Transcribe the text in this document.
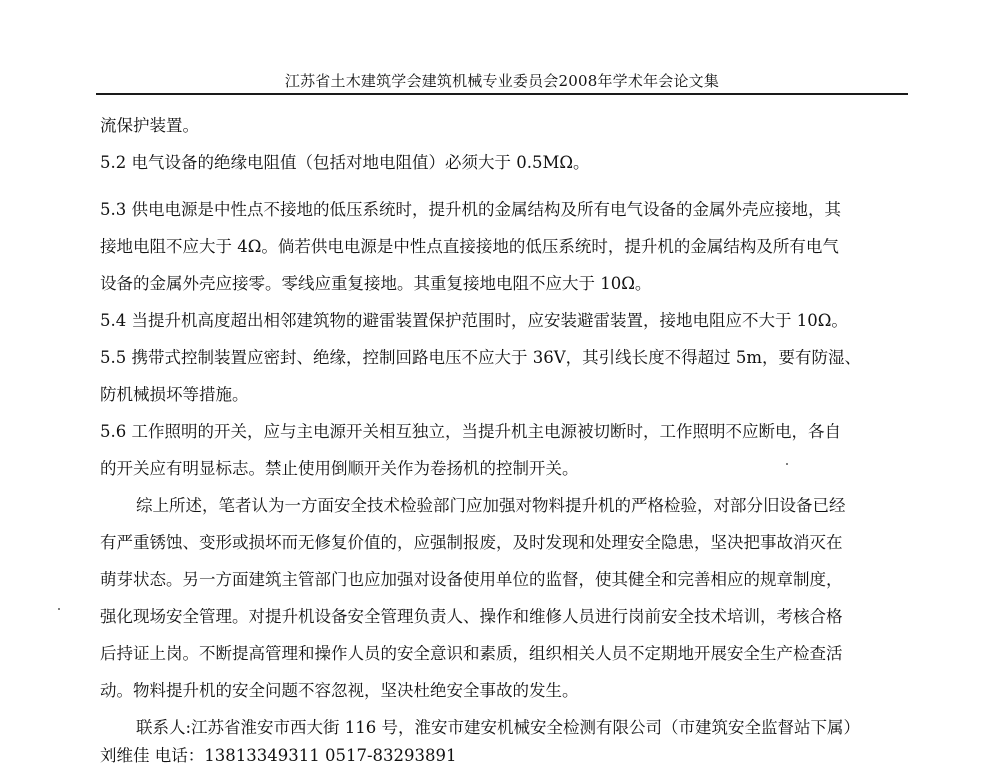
江苏省土木建筑学会建筑机械专业委员会2008年学术年会论文集
流保护装置。
5.2 电气设备的绝缘电阻值（包括对地电阻值）必须大于 0.5MΩ。
5.3 供电电源是中性点不接地的低压系统时，提升机的金属结构及所有电气设备的金属外壳应接地，其
接地电阻不应大于 4Ω。倘若供电电源是中性点直接接地的低压系统时，提升机的金属结构及所有电气
设备的金属外壳应接零。零线应重复接地。其重复接地电阻不应大于 10Ω。
5.4 当提升机高度超出相邻建筑物的避雷装置保护范围时，应安装避雷装置，接地电阻应不大于 10Ω。
5.5 携带式控制装置应密封、绝缘，控制回路电压不应大于 36V，其引线长度不得超过 5m，要有防湿、
防机械损坏等措施。
5.6 工作照明的开关，应与主电源开关相互独立，当提升机主电源被切断时，工作照明不应断电，各自
的开关应有明显标志。禁止使用倒顺开关作为卷扬机的控制开关。
综上所述，笔者认为一方面安全技术检验部门应加强对物料提升机的严格检验，对部分旧设备已经
有严重锈蚀、变形或损坏而无修复价值的，应强制报废，及时发现和处理安全隐患，坚决把事故消灭在
萌芽状态。另一方面建筑主管部门也应加强对设备使用单位的监督，使其健全和完善相应的规章制度，
强化现场安全管理。对提升机设备安全管理负责人、操作和维修人员进行岗前安全技术培训，考核合格
后持证上岗。不断提高管理和操作人员的安全意识和素质，组织相关人员不定期地开展安全生产检查活
动。物料提升机的安全问题不容忽视，坚决杜绝安全事故的发生。
联系人:江苏省淮安市西大街 116 号，淮安市建安机械安全检测有限公司（市建筑安全监督站下属）
刘维佳 电话：13813349311 0517-83293891
